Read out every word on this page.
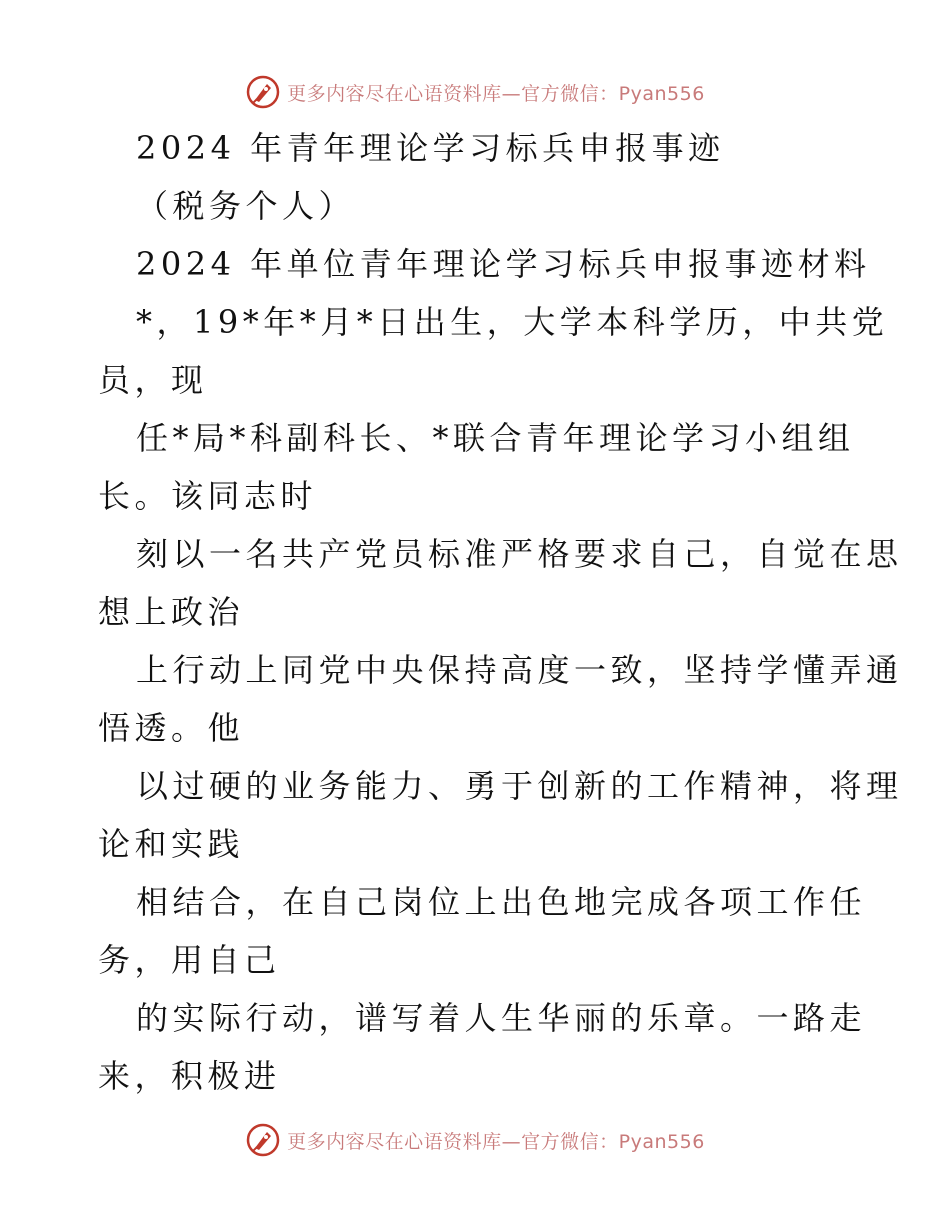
更多内容尽在心语资料库—官方微信：Pyan556
2024 年青年理论学习标兵申报事迹
（税务个人）
2024 年单位青年理论学习标兵申报事迹材料
*，19*年*月*日出生，大学本科学历，中共党
员，现
任*局*科副科长、*联合青年理论学习小组组
长。该同志时
刻以一名共产党员标准严格要求自己，自觉在思
想上政治
上行动上同党中央保持高度一致，坚持学懂弄通
悟透。他
以过硬的业务能力、勇于创新的工作精神，将理
论和实践
相结合，在自己岗位上出色地完成各项工作任
务，用自己
的实际行动，谱写着人生华丽的乐章。一路走
来，积极进
更多内容尽在心语资料库—官方微信：Pyan556
